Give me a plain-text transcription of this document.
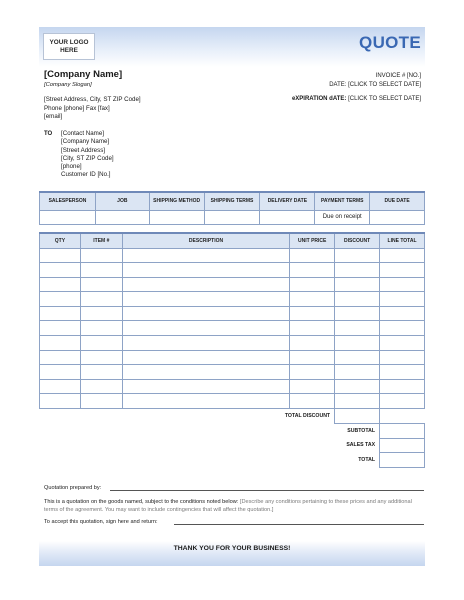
YOUR LOGO HERE	QUOTE
[Company Name]
[Company Slogan]
[Street Address, City, ST ZIP Code]
Phone [phone] Fax [fax]
[email]
INVOICE # [NO.]
DATE: [CLICK TO SELECT DATE]
eXPIRATION dATE: [CLICK TO SELECT DATE]
TO [Contact Name]
[Company Name]
[Street Address]
[City, ST ZIP Code]
[phone]
Customer ID [No.]
SALESPERSON	JOB	SHIPPING METHOD	SHIPPING TERMS	DELIVERY DATE	PAYMENT TERMS	DUE DATE
					Due on receipt	
QTY	ITEM #	DESCRIPTION	UNIT PRICE	DISCOUNT	LINE TOTAL

TOTAL DISCOUNT		
SUBTOTAL		
SALES TAX		
TOTAL		
Quotation prepared by:
This is a quotation on the goods named, subject to the conditions noted below: [Describe any conditions pertaining to these prices and any additional terms of the agreement. You may want to include contingencies that will affect the quotation.]
To accept this quotation, sign here and return:
THANK YOU FOR YOUR BUSINESS!
